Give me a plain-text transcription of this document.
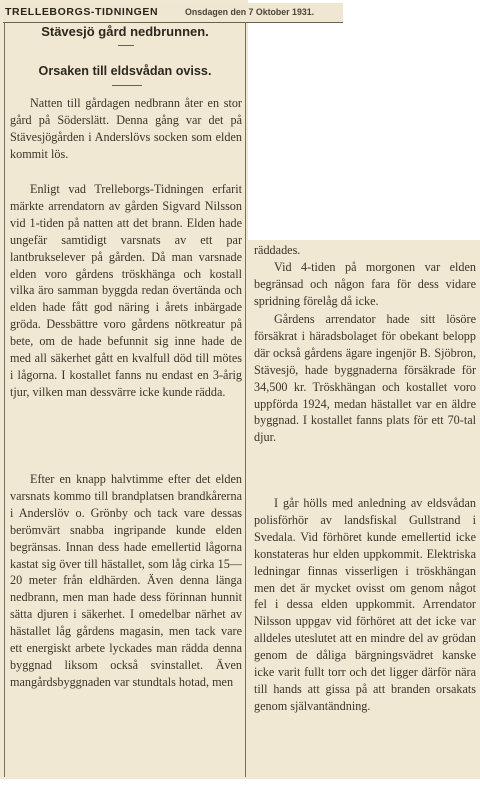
TRELLEBORGS-TIDNINGEN	Onsdagen den 7 Oktober 1931.
Stävesjö gård nedbrunnen.
Orsaken till eldsvådan oviss.

Natten till gårdagen nedbrann åter en stor gård på Söderslätt. Denna gång var det på Stävesjögården i Anderslövs socken som elden kommit lös.

Enligt vad Trelleborgs-Tidningen erfarit märkte arrendatorn av gården Sigvard Nilsson vid 1-tiden på natten att det brann. Elden hade ungefär samtidigt varsnats av ett par lantbrukselever på gården. Då man varsnade elden voro gårdens tröskhänga och kostall vilka äro samman byggda redan övertända och elden hade fått god näring i årets inbärgade gröda. Dessbättre voro gårdens nötkreatur på bete, om de hade befunnit sig inne hade de med all säkerhet gått en kvalfull död till mötes i lågorna. I kostallet fanns nu endast en 3-årig tjur, vilken man dessvärre icke kunde rädda.

Efter en knapp halvtimme efter det elden varsnats kommo till brandplatsen brandkårerna i Anderslöv o. Grönby och tack vare dessas berömvärt snabba ingripande kunde elden begränsas. Innan dess hade emellertid lågorna kastat sig över till hästallet, som låg cirka 15—20 meter från eldhärden. Även denna länga nedbrann, men man hade dess förinnan hunnit sätta djuren i säkerhet. I omedelbar närhet av hästallet låg gårdens magasin, men tack vare ett energiskt arbete lyckades man rädda denna byggnad liksom också svinstallet. Även mangårdsbyggnaden var stundtals hotad, men

räddades.

Vid 4-tiden på morgonen var elden begränsad och någon fara för dess vidare spridning förelåg då icke.

Gårdens arrendator hade sitt lösöre försäkrat i häradsbolaget för obekant belopp där också gårdens ägare ingenjör B. Sjöbron, Stävesjö, hade byggnaderna försäkrade för 34,500 kr. Tröskhängan och kostallet voro uppförda 1924, medan hästallet var en äldre byggnad. I kostallet fanns plats för ett 70-tal djur.

I går hölls med anledning av eldsvådan polisförhör av landsfiskal Gullstrand i Svedala. Vid förhöret kunde emellertid icke konstateras hur elden uppkommit. Elektriska ledningar finnas visserligen i tröskhängan men det är mycket ovisst om genom något fel i dessa elden uppkommit. Arrendator Nilsson uppgav vid förhöret att det icke var alldeles uteslutet att en mindre del av grödan genom de dåliga bärgningsvädret kanske icke varit fullt torr och det ligger därför nära till hands att gissa på att branden orsakats genom självantändning.
